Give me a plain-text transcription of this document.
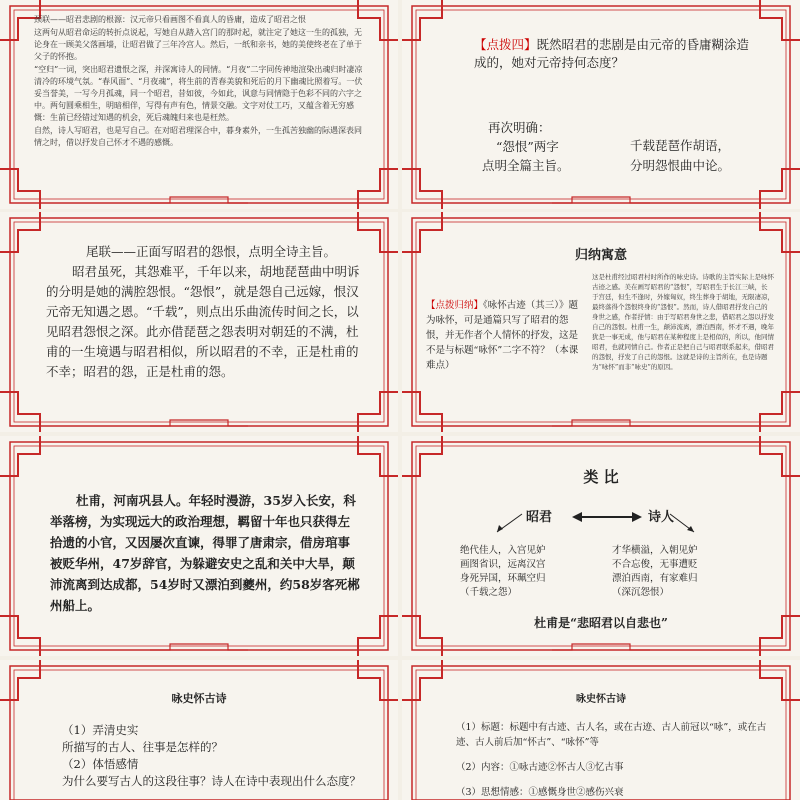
颈联——昭君悲剧的根源：汉元帝只看画图不看真人的昏庸，造成了昭君之恨

这两句从昭君命运的转折点说起，写她自从踏入宫门的那时起，就注定了她这一生的孤独，无论身在一顾美父落画墙，让昭君做了三年冷宫人。然后，一纸和亲书，她的美使终老在了单于父子的怀抱。

“空归”一词，突出昭君遗恨之深，并深寓诗人的同情。“月夜”二字同传神地渲染出魂归时凄凉清冷的环境气氛。“春风面”、“月夜魂”，将生前的青春美貌和死后的月下幽魂比照着写。一伏妥当誉美，一写今月孤魂，同一个昭君，昔如彼，今如此，讽意与同情隐于色彩不同的六字之中。两句圆乘相生，明暗相伴，写得有声有色，情景交融。文字对仗工巧，又蕴含着无穷感慨：生前已经错过知遇的机会，死后魂魄归来也是枉然。

自然，诗人写昭君，也是写自己。在对昭君理深合中，暮身素外，一生孤苦独幽的际遇深表同情之时，借以抒发自己怀才不遇的感慨。

【点拨四】既然昭君的悲剧是由元帝的昏庸糊涂造成的，她对元帝持何态度？
再次明确：
“怨恨”两字
点明全篇主旨。
千载琵琶作胡语，
分明怨恨曲中论。
尾联——正面写昭君的怨恨，点明全诗主旨。
昭君虽死，其怨难平，千年以来，胡地琵琶曲中明诉的分明是她的满腔怨恨。“怨恨”，就是怨自己远嫁，恨汉元帝无知遇之恩。“千载”，则点出乐曲流传时间之长，以见昭君怨恨之深。此亦借琵琶之怨表明对朝廷的不满，杜甫的一生境遇与昭君相似，所以昭君的不幸，正是杜甫的不幸；昭君的怨，正是杜甫的怨。
归纳寓意
【点拨归纳】《咏怀古迹（其三）》题为咏怀，可是通篇只写了昭君的怨恨，并无作者个人情怀的抒发，这是不是与标题“咏怀”二字不符？（本课难点）
这是杜甫经过昭君村时所作的咏史诗。诗歌的主旨实际上是咏怀古迹之感。美在画写昭君的“怨恨”，写昭君生于长江三峡，长于宫廷，但生不逢时，外嫁匈奴，终生葬身于胡地，无限凄凉，最终落得个怨恨终身的“怨恨”。然而，诗人借昭君抒发自己的身世之感，作者抒情：由于写昭君身世之悲，借昭君之怨以抒发自己的怨恨。杜甫一生，颠沛流离，漂泊西南，怀才不遇，晚年犹是一事无成，他与昭君在某种程度上是相似的，所以，他同情昭君，也就同情自己。作者正是把自己与昭君联系起来，借昭君的怨恨，抒发了自己的怨恨。这就是诗的主旨所在，也是诗题为“咏怀”而非“咏史”的原因。
杜甫，河南巩县人。年轻时漫游，35岁入长安，科举落榜，为实现远大的政治理想，羁留十年也只获得左拾遗的小官，又因屡次直谏，得罪了唐肃宗，借房琯事被贬华州，47岁辞官，为躲避安史之乱和关中大旱，颠沛流离到达成都，54岁时又漂泊到夔州，约58岁客死郴州船上。
类 比
昭君	诗人
绝代佳人，入宫见妒
画图省识，远离汉宫
身死异国，环珮空归
（千载之怨）
才华横溢，入朝见妒
不合忘俊，无事遭贬
漂泊西南，有家难归
（深沉怨恨）
杜甫是“悲昭君以自悲也”
咏史怀古诗
（1）弄清史实
所描写的古人、往事是怎样的？
（2）体悟感情
为什么要写古人的这段往事？诗人在诗中表现出什么态度？
咏史怀古诗
（1）标题：标题中有古迹、古人名，或在古迹、古人前冠以“咏”，或在古迹、古人前后加“怀古”、“咏怀”等
（2）内容：①咏古迹②怀古人③忆古事
（3）思想情感：①感慨身世②感伤兴衰
